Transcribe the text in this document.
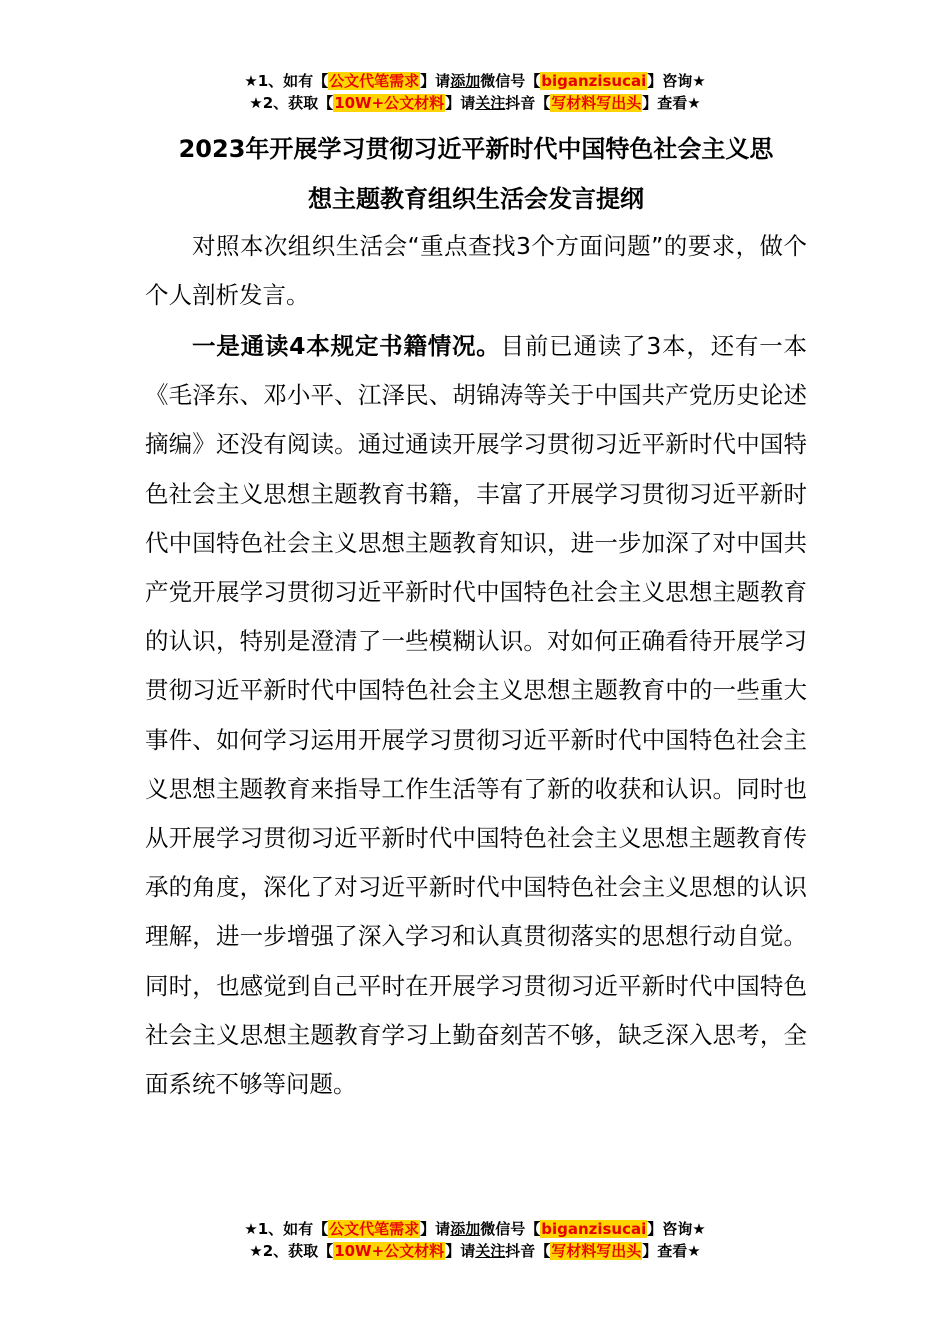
★1、如有【公文代笔需求】请添加微信号【biganzisucai】咨询★
★2、获取【10W+公文材料】请关注抖音【写材料写出头】查看★
2023年开展学习贯彻习近平新时代中国特色社会主义思
想主题教育组织生活会发言提纲

对照本次组织生活会“重点查找3个方面问题”的要求，做个个人剖析发言。

一是通读4本规定书籍情况。目前已通读了3本，还有一本《毛泽东、邓小平、江泽民、胡锦涛等关于中国共产党历史论述摘编》还没有阅读。通过通读开展学习贯彻习近平新时代中国特色社会主义思想主题教育书籍，丰富了开展学习贯彻习近平新时代中国特色社会主义思想主题教育知识，进一步加深了对中国共产党开展学习贯彻习近平新时代中国特色社会主义思想主题教育的认识，特别是澄清了一些模糊认识。对如何正确看待开展学习贯彻习近平新时代中国特色社会主义思想主题教育中的一些重大事件、如何学习运用开展学习贯彻习近平新时代中国特色社会主义思想主题教育来指导工作生活等有了新的收获和认识。同时也从开展学习贯彻习近平新时代中国特色社会主义思想主题教育传承的角度，深化了对习近平新时代中国特色社会主义思想的认识理解，进一步增强了深入学习和认真贯彻落实的思想行动自觉。同时，也感觉到自己平时在开展学习贯彻习近平新时代中国特色社会主义思想主题教育学习上勤奋刻苦不够，缺乏深入思考，全面系统不够等问题。

★1、如有【公文代笔需求】请添加微信号【biganzisucai】咨询★
★2、获取【10W+公文材料】请关注抖音【写材料写出头】查看★
